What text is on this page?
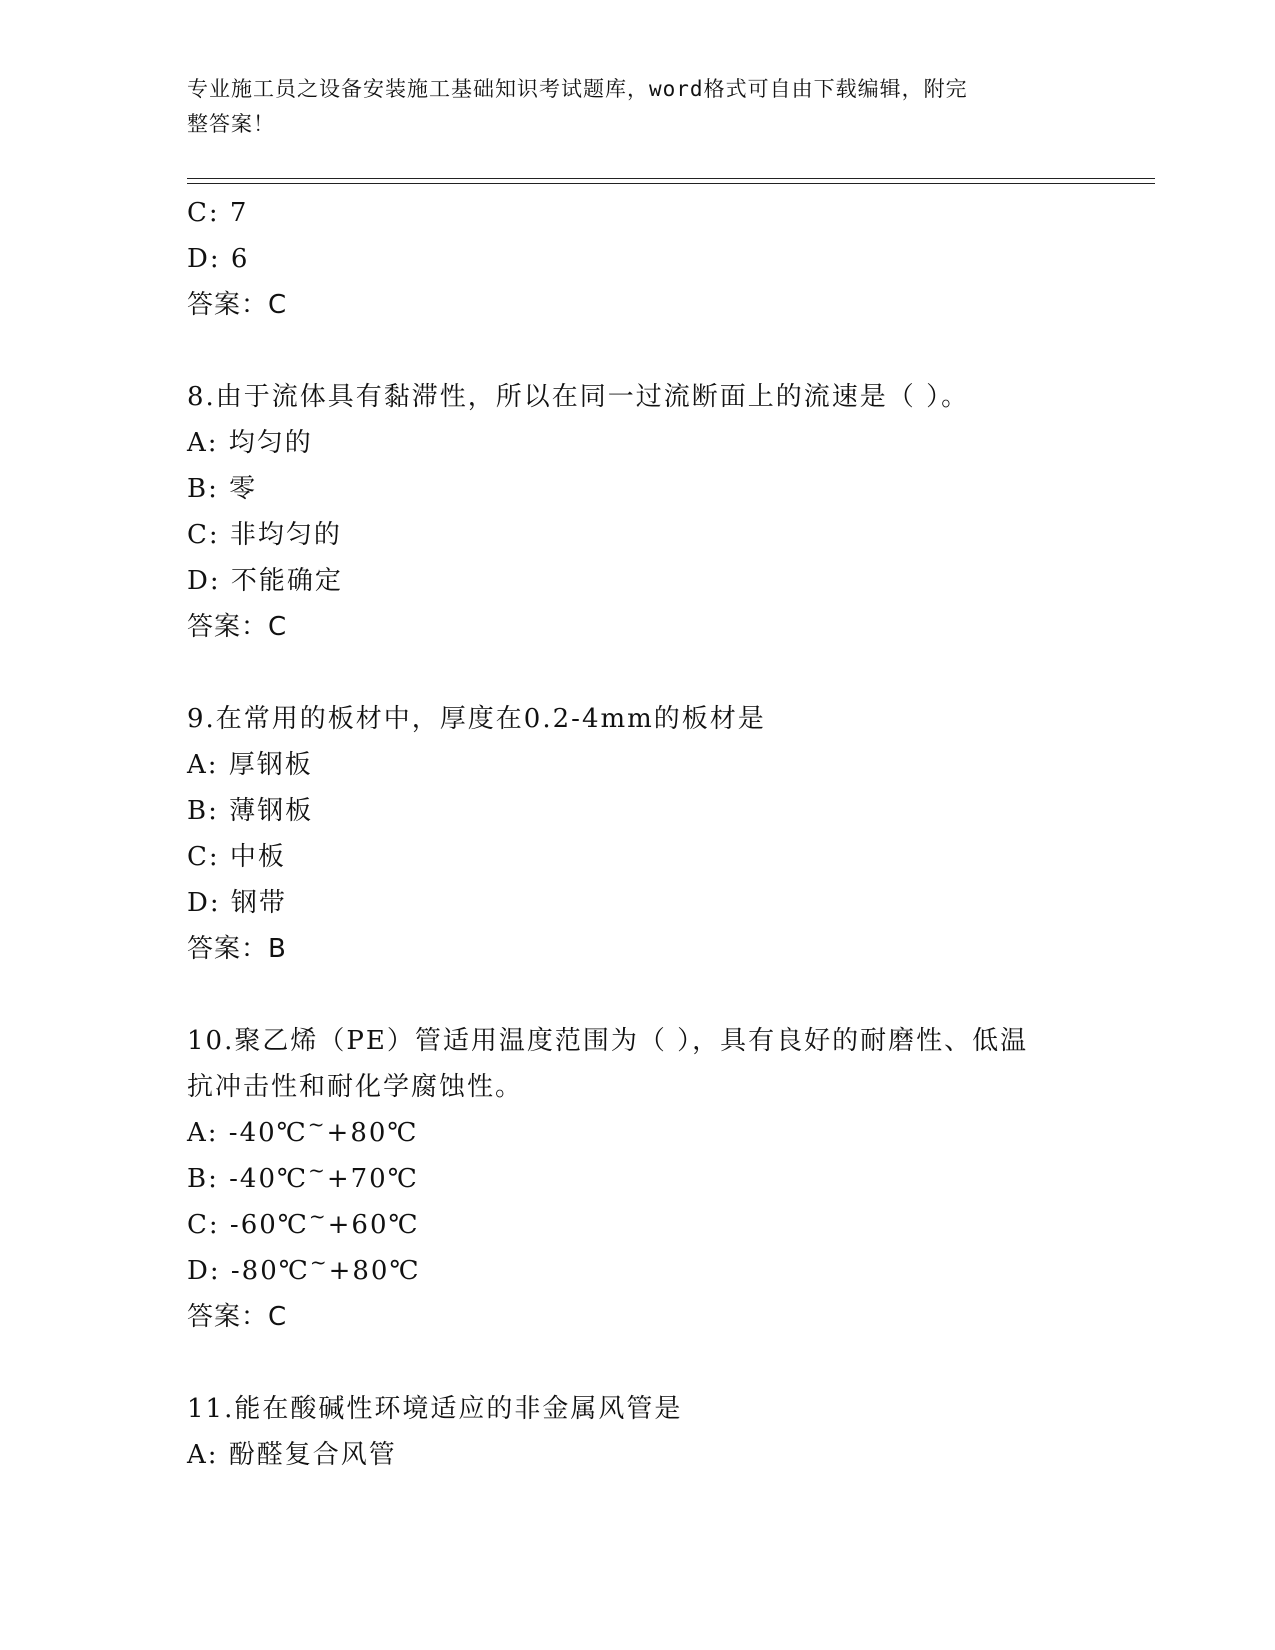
专业施工员之设备安装施工基础知识考试题库，word格式可自由下载编辑，附完
整答案！
C: 7
D: 6
答案：C
8.由于流体具有黏滞性，所以在同一过流断面上的流速是（ ）。
A: 均匀的
B: 零
C: 非均匀的
D: 不能确定
答案：C
9.在常用的板材中，厚度在0.2-4mm的板材是
A: 厚钢板
B: 薄钢板
C: 中板
D: 钢带
答案：B
10.聚乙烯（PE）管适用温度范围为（ ），具有良好的耐磨性、低温
抗冲击性和耐化学腐蚀性。
A: -40℃~+80℃
B: -40℃~+70℃
C: -60℃~+60℃
D: -80℃~+80℃
答案：C
11.能在酸碱性环境适应的非金属风管是
A: 酚醛复合风管
